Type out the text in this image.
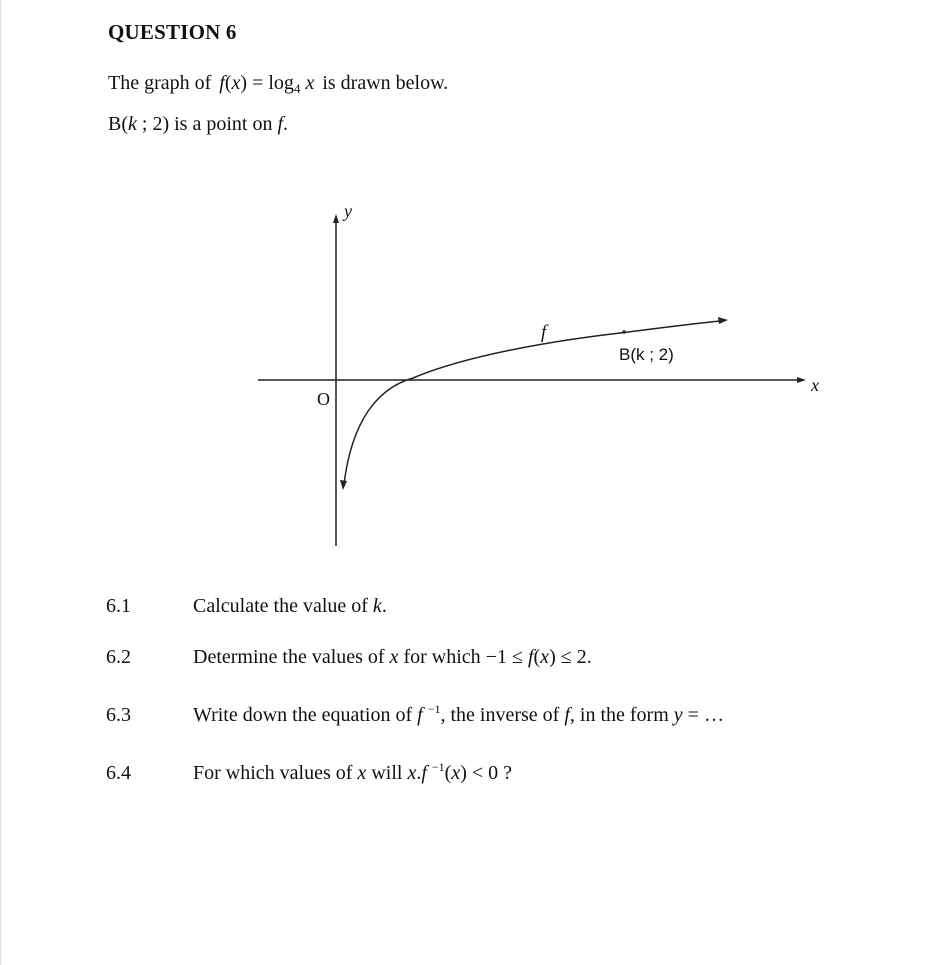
QUESTION 6
The graph of $f(x) = \log_4 x$ is drawn below.
B(k ; 2) is a point on f.
y
x
O
f
B(k ; 2)
6.1	Calculate the value of k.
6.2	Determine the values of x for which −1 ≤ f(x) ≤ 2.
6.3	Write down the equation of f $^{-1}$, the inverse of f, in the form y = …
6.4	For which values of x will x.f $^{-1}$(x) < 0 ?
